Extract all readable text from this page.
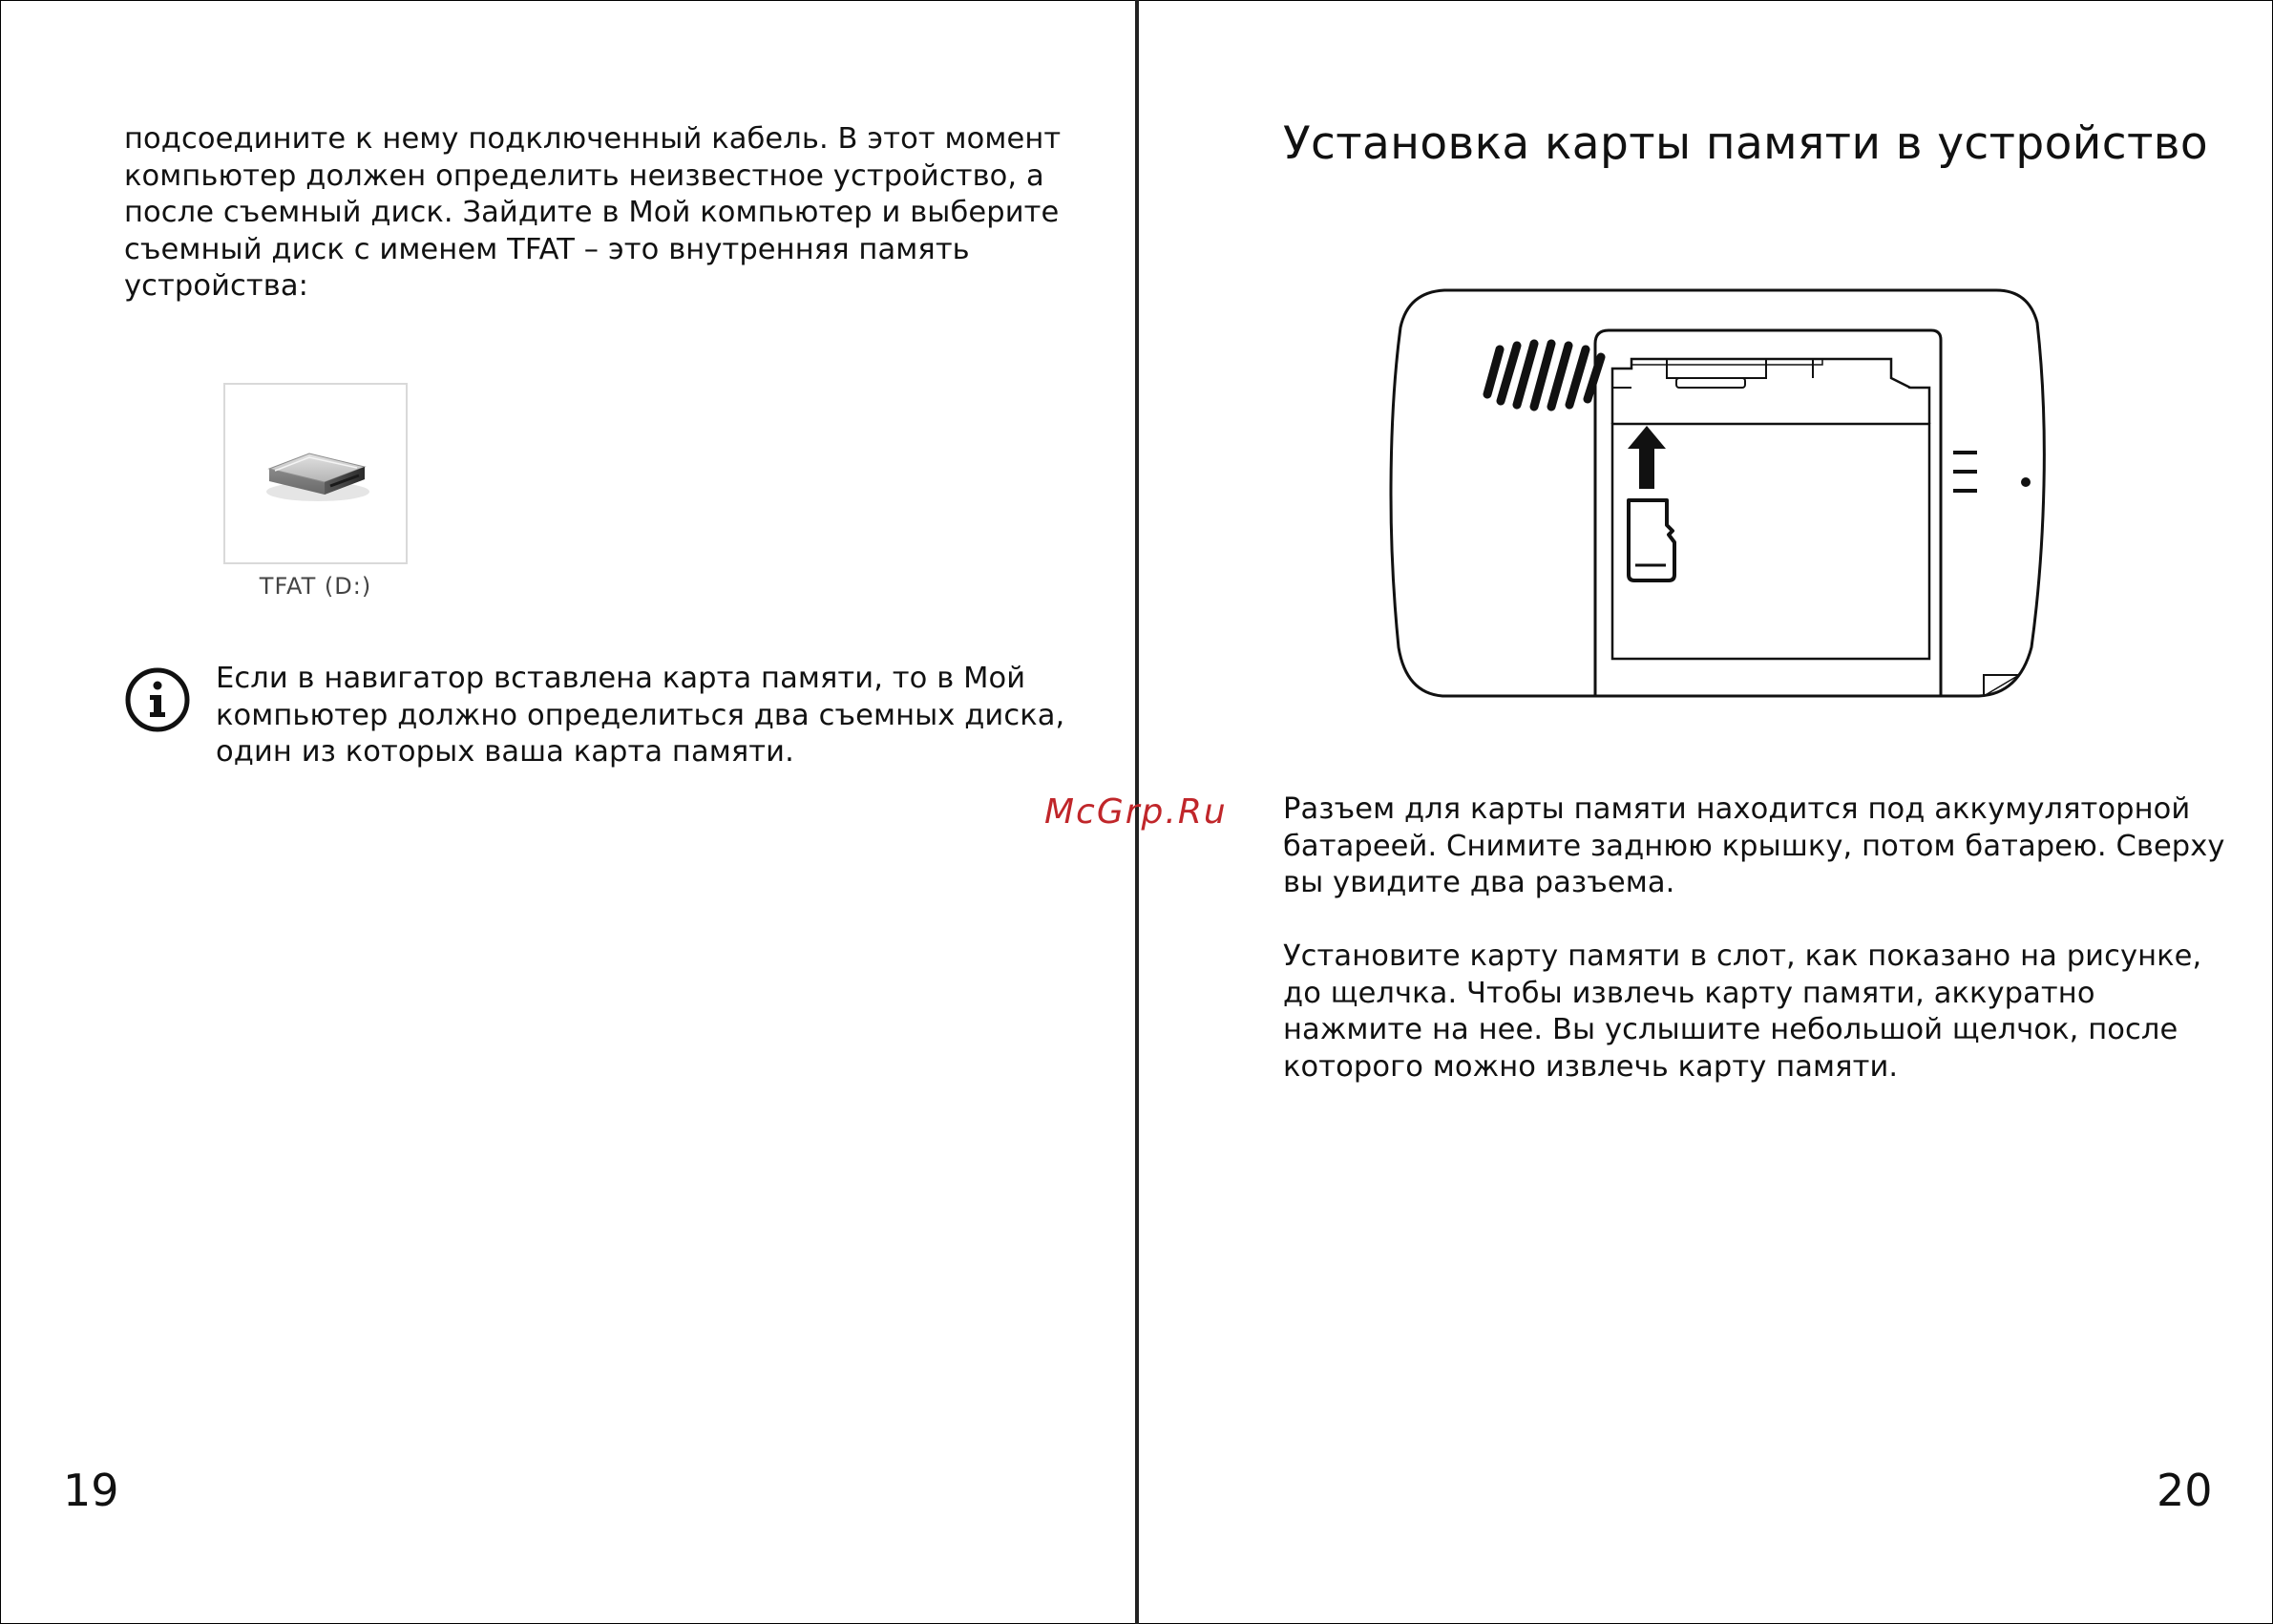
подсоедините к нему подключенный кабель. В этот момент
компьютер должен определить неизвестное устройство, а
после съемный диск. Зайдите в Мой компьютер и выберите
съемный диск с именем TFAT – это внутренняя память
устройства:
TFAT (D:)
Если в навигатор вставлена карта памяти, то в Мой
компьютер должно определиться два съемных диска,
один из которых ваша карта памяти.
19
Установка карты памяти в устройство
Разъем для карты памяти находится под аккумуляторной
батареей. Снимите заднюю крышку, потом батарею. Сверху
вы увидите два разъема.
Установите карту памяти в слот, как показано на рисунке,
до щелчка. Чтобы извлечь карту памяти, аккуратно
нажмите на нее. Вы услышите небольшой щелчок, после
которого можно извлечь карту памяти.
20
McGrp.Ru
